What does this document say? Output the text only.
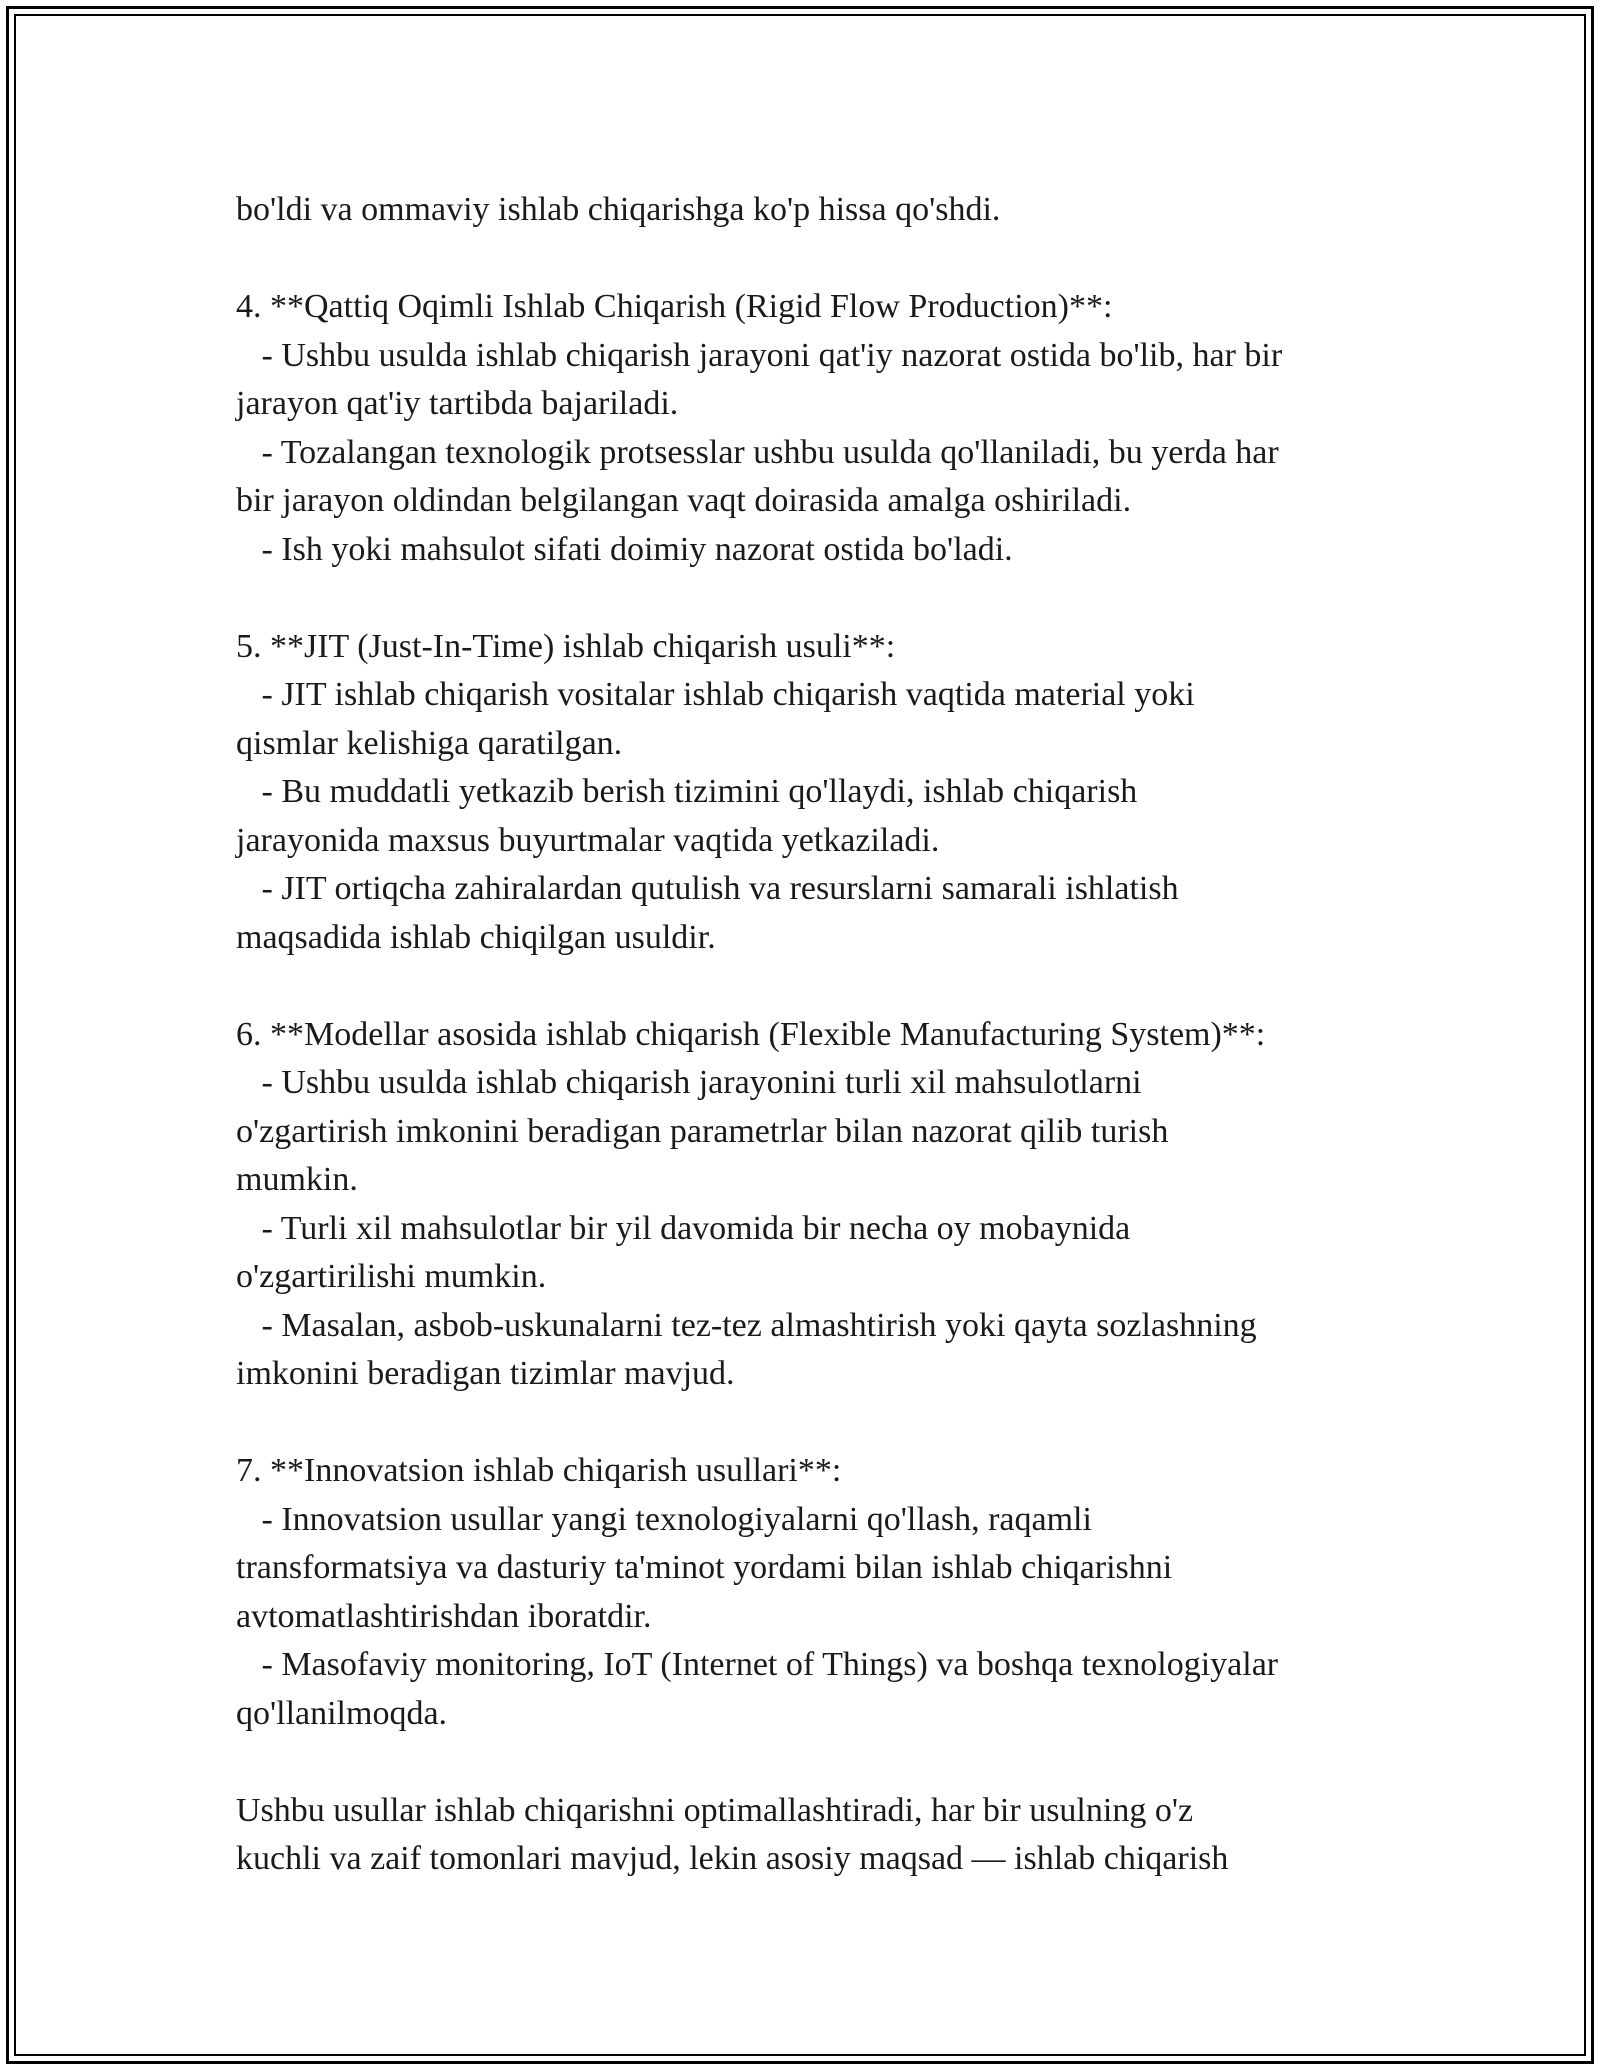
bo'ldi va ommaviy ishlab chiqarishga ko'p hissa qo'shdi.
4. **Qattiq Oqimli Ishlab Chiqarish (Rigid Flow Production)**:
- Ushbu usulda ishlab chiqarish jarayoni qat'iy nazorat ostida bo'lib, har bir
jarayon qat'iy tartibda bajariladi.
- Tozalangan texnologik protsesslar ushbu usulda qo'llaniladi, bu yerda har
bir jarayon oldindan belgilangan vaqt doirasida amalga oshiriladi.
- Ish yoki mahsulot sifati doimiy nazorat ostida bo'ladi.
5. **JIT (Just-In-Time) ishlab chiqarish usuli**:
- JIT ishlab chiqarish vositalar ishlab chiqarish vaqtida material yoki
qismlar kelishiga qaratilgan.
- Bu muddatli yetkazib berish tizimini qo'llaydi, ishlab chiqarish
jarayonida maxsus buyurtmalar vaqtida yetkaziladi.
- JIT ortiqcha zahiralardan qutulish va resurslarni samarali ishlatish
maqsadida ishlab chiqilgan usuldir.
6. **Modellar asosida ishlab chiqarish (Flexible Manufacturing System)**:
- Ushbu usulda ishlab chiqarish jarayonini turli xil mahsulotlarni
o'zgartirish imkonini beradigan parametrlar bilan nazorat qilib turish
mumkin.
- Turli xil mahsulotlar bir yil davomida bir necha oy mobaynida
o'zgartirilishi mumkin.
- Masalan, asbob-uskunalarni tez-tez almashtirish yoki qayta sozlashning
imkonini beradigan tizimlar mavjud.
7. **Innovatsion ishlab chiqarish usullari**:
- Innovatsion usullar yangi texnologiyalarni qo'llash, raqamli
transformatsiya va dasturiy ta'minot yordami bilan ishlab chiqarishni
avtomatlashtirishdan iboratdir.
- Masofaviy monitoring, IoT (Internet of Things) va boshqa texnologiyalar
qo'llanilmoqda.
Ushbu usullar ishlab chiqarishni optimallashtiradi, har bir usulning o'z
kuchli va zaif tomonlari mavjud, lekin asosiy maqsad — ishlab chiqarish
